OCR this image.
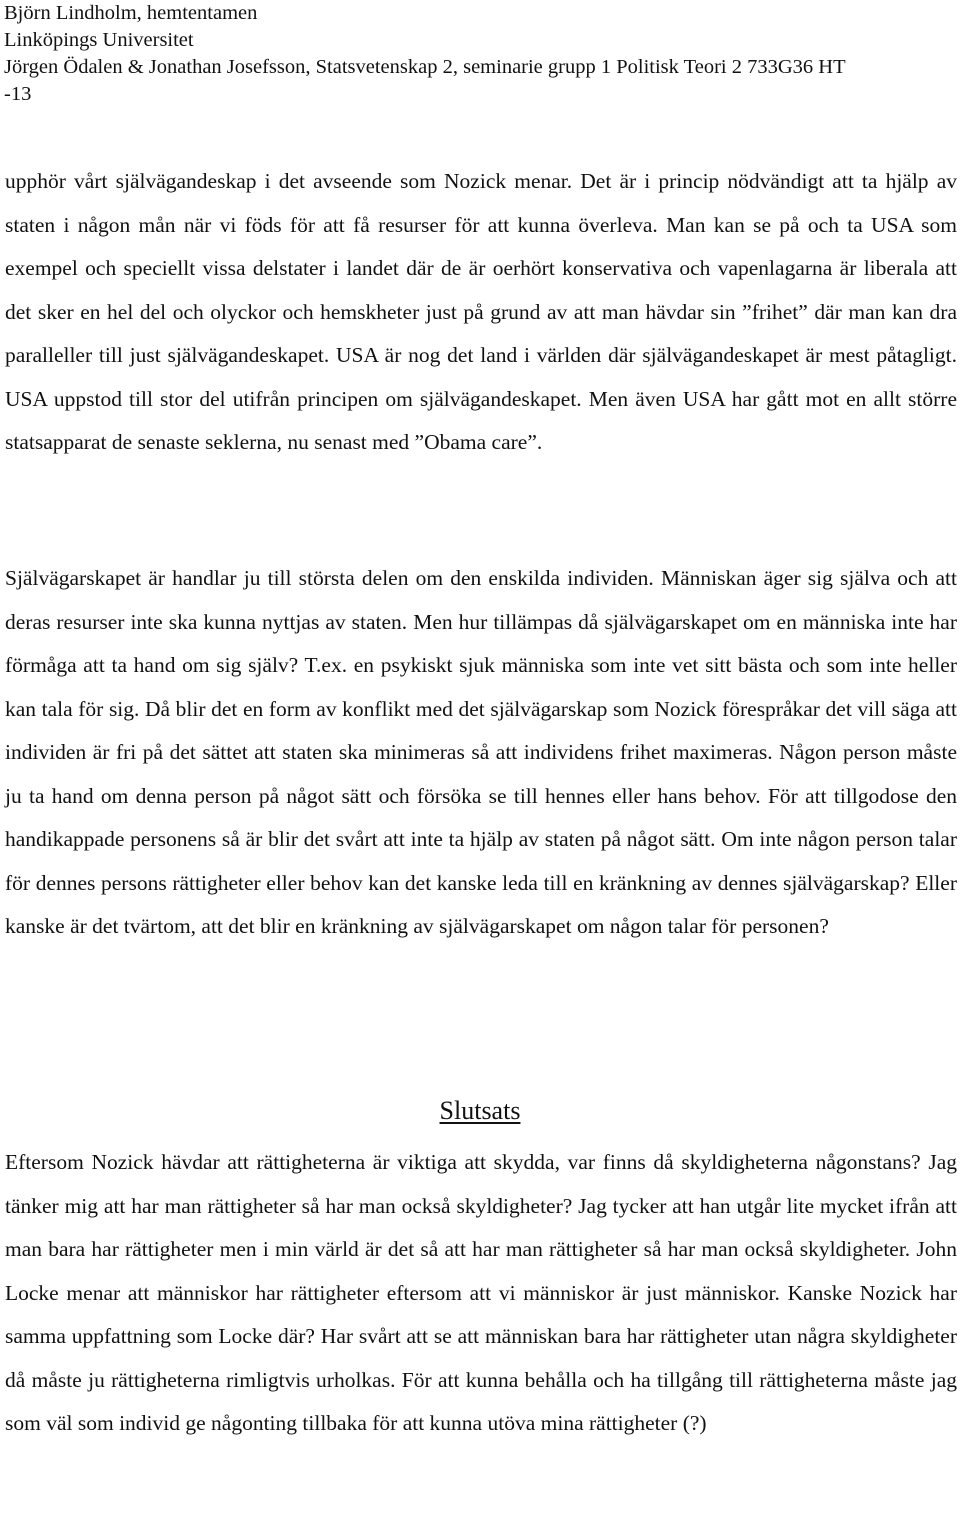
Björn Lindholm, hemtentamen
Linköpings Universitet
Jörgen Ödalen & Jonathan Josefsson, Statsvetenskap 2, seminarie grupp 1 Politisk Teori 2 733G36 HT
-13

upphör vårt självägandeskap i det avseende som Nozick menar. Det är i princip nödvändigt att ta hjälp av staten i någon mån när vi föds för att få resurser för att kunna överleva. Man kan se på och ta USA som exempel och speciellt vissa delstater i landet där de är oerhört konservativa och vapenlagarna är liberala att det sker en hel del och olyckor och hemskheter just på grund av att man hävdar sin ”frihet” där man kan dra paralleller till just självägandeskapet. USA är nog det land i världen där självägandeskapet är mest påtagligt. USA uppstod till stor del utifrån principen om självägandeskapet. Men även USA har gått mot en allt större statsapparat de senaste seklerna, nu senast med ”Obama care”.

Självägarskapet är handlar ju till största delen om den enskilda individen. Människan äger sig själva och att deras resurser inte ska kunna nyttjas av staten. Men hur tillämpas då självägarskapet om en människa inte har förmåga att ta hand om sig själv? T.ex. en psykiskt sjuk människa som inte vet sitt bästa och som inte heller kan tala för sig. Då blir det en form av konflikt med det självägarskap som Nozick förespråkar det vill säga att individen är fri på det sättet att staten ska minimeras så att individens frihet maximeras. Någon person måste ju ta hand om denna person på något sätt och försöka se till hennes eller hans behov. För att tillgodose den handikappade personens så är blir det svårt att inte ta hjälp av staten på något sätt. Om inte någon person talar för dennes persons rättigheter eller behov kan det kanske leda till en kränkning av dennes självägarskap? Eller kanske är det tvärtom, att det blir en kränkning av självägarskapet om någon talar för personen?

Slutsats

Eftersom Nozick hävdar att rättigheterna är viktiga att skydda, var finns då skyldigheterna någonstans? Jag tänker mig att har man rättigheter så har man också skyldigheter? Jag tycker att han utgår lite mycket ifrån att man bara har rättigheter men i min värld är det så att har man rättigheter så har man också skyldigheter. John Locke menar att människor har rättigheter eftersom att vi människor är just människor. Kanske Nozick har samma uppfattning som Locke där? Har svårt att se att människan bara har rättigheter utan några skyldigheter då måste ju rättigheterna rimligtvis urholkas. För att kunna behålla och ha tillgång till rättigheterna måste jag som väl som individ ge någonting tillbaka för att kunna utöva mina rättigheter (?)
